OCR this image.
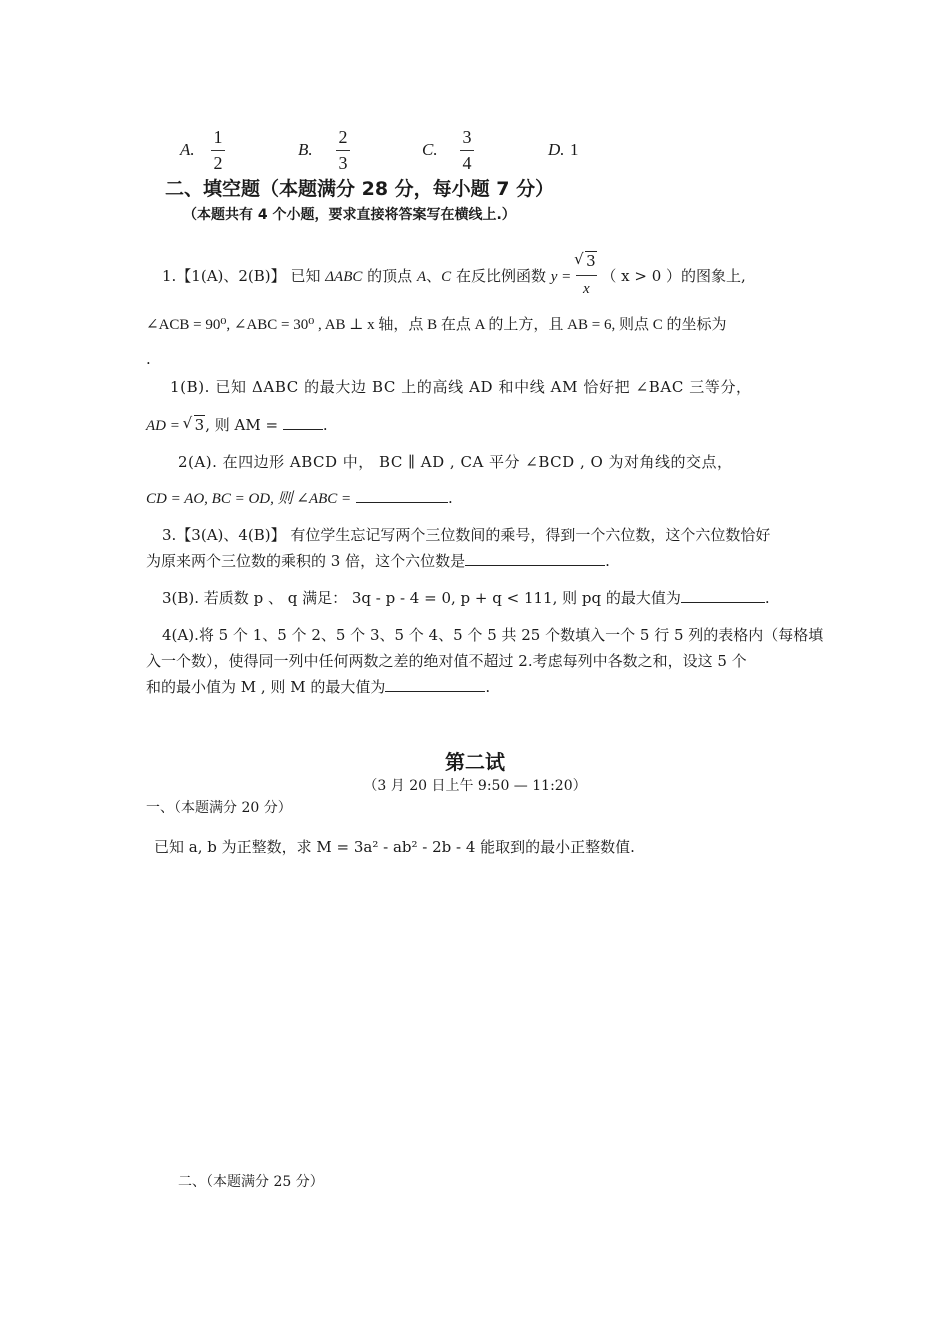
A.
1
2
B.
2
3
C.
3
4
D. 1
二、填空题（本题满分 28 分，每小题 7 分）
（本题共有 4 个小题，要求直接将答案写在横线上.）
1.【1(A)、2(B)】 已知 ΔABC 的顶点 A、C 在反比例函数 y = √ $\frac{3}{x}$ （ x > 0 ）的图象上,
∠ACB = 90⁰, ∠ABC = 30⁰ , AB ⊥ x 轴，点 B 在点 A 的上方，且 AB = 6, 则点 C 的坐标为
.
1(B). 已知 ΔABC 的最大边 BC 上的高线 AD 和中线 AM 恰好把 ∠BAC 三等分，
AD = √ 3, 则 AM =	.
2(A). 在四边形 ABCD 中， BC ∥ AD , CA 平分 ∠BCD , O 为对角线的交点，
CD = AO, BC = OD, 则 ∠ABC =	.
3.【3(A)、4(B)】 有位学生忘记写两个三位数间的乘号，得到一个六位数，这个六位数恰好
为原来两个三位数的乘积的 3 倍，这个六位数是	.
3(B). 若质数 p 、 q 满足： 3q - p - 4 = 0, p + q < 111, 则 pq 的最大值为	.
4(A).将 5 个 1、5 个 2、5 个 3、5 个 4、5 个 5 共 25 个数填入一个 5 行 5 列的表格内（每格填
入一个数），使得同一列中任何两数之差的绝对值不超过 2.考虑每列中各数之和，设这 5 个
和的最小值为 M , 则 M 的最大值为	.
第二试
（3 月 20 日上午 9:50 — 11:20）
一、（本题满分 20 分）
已知 a, b 为正整数，求 M = 3a² - ab² - 2b - 4 能取到的最小正整数值.
二、（本题满分 25 分）
